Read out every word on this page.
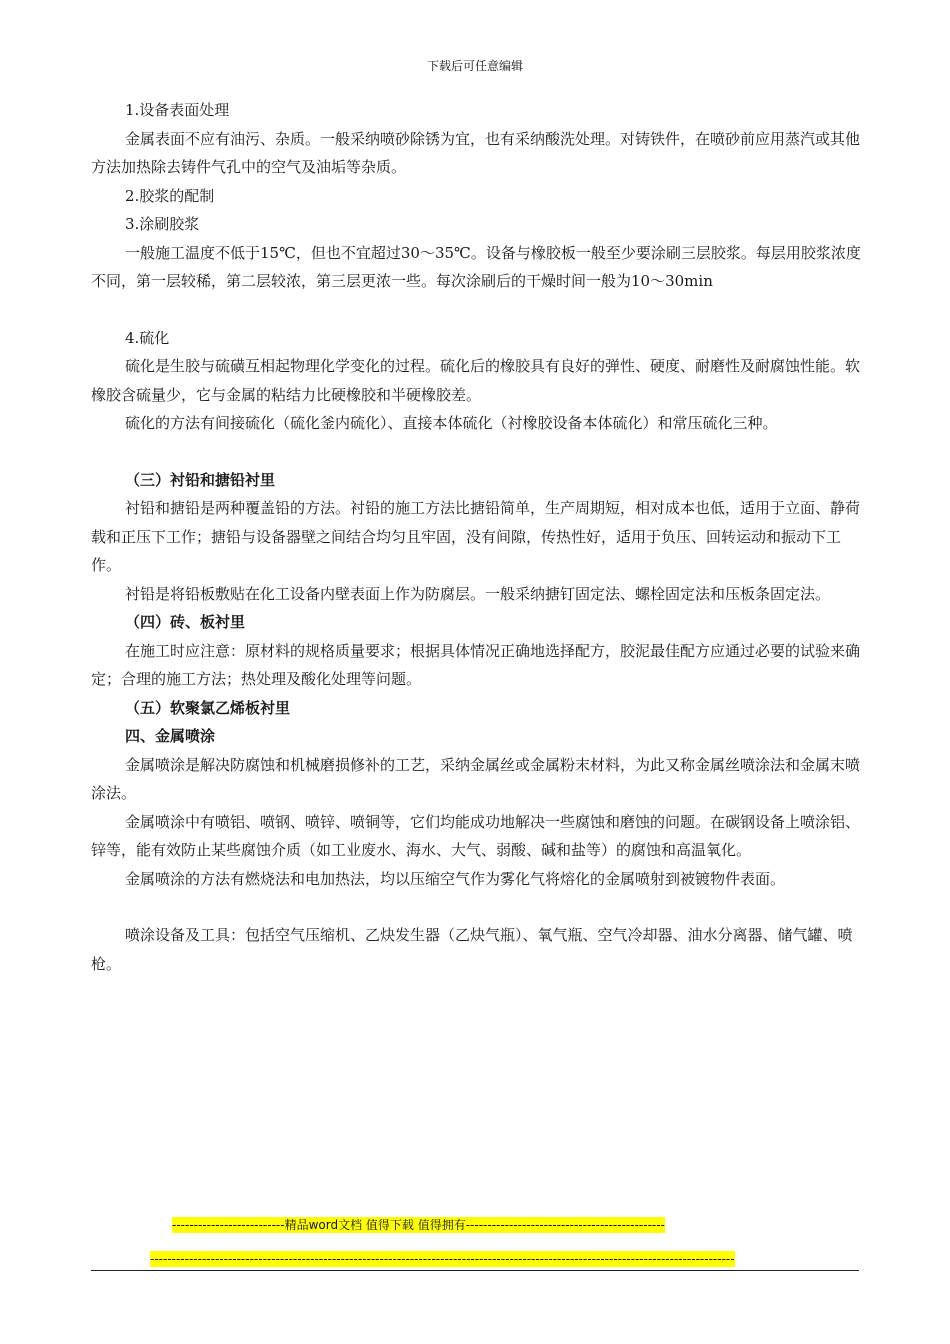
下载后可任意编辑

1.设备表面处理

金属表面不应有油污、杂质。一般采纳喷砂除锈为宜，也有采纳酸洗处理。对铸铁件，在喷砂前应用蒸汽或其他方法加热除去铸件气孔中的空气及油垢等杂质。

2.胶浆的配制

3.涂刷胶浆

一般施工温度不低于15℃，但也不宜超过30～35℃。设备与橡胶板一般至少要涂刷三层胶浆。每层用胶浆浓度不同，第一层较稀，第二层较浓，第三层更浓一些。每次涂刷后的干燥时间一般为10～30min

4.硫化

硫化是生胶与硫磺互相起物理化学变化的过程。硫化后的橡胶具有良好的弹性、硬度、耐磨性及耐腐蚀性能。软橡胶含硫量少，它与金属的粘结力比硬橡胶和半硬橡胶差。

硫化的方法有间接硫化（硫化釜内硫化）、直接本体硫化（衬橡胶设备本体硫化）和常压硫化三种。

（三）衬铅和搪铅衬里

衬铅和搪铅是两种覆盖铅的方法。衬铅的施工方法比搪铅简单，生产周期短，相对成本也低，适用于立面、静荷载和正压下工作；搪铅与设备器壁之间结合均匀且牢固，没有间隙，传热性好，适用于负压、回转运动和振动下工作。

衬铅是将铅板敷贴在化工设备内壁表面上作为防腐层。一般采纳搪钉固定法、螺栓固定法和压板条固定法。

（四）砖、板衬里

在施工时应注意：原材料的规格质量要求；根据具体情况正确地选择配方，胶泥最佳配方应通过必要的试验来确定；合理的施工方法；热处理及酸化处理等问题。

（五）软聚氯乙烯板衬里

四、金属喷涂

金属喷涂是解决防腐蚀和机械磨损修补的工艺，采纳金属丝或金属粉末材料，为此又称金属丝喷涂法和金属末喷涂法。

金属喷涂中有喷铝、喷钢、喷锌、喷铜等，它们均能成功地解决一些腐蚀和磨蚀的问题。在碳钢设备上喷涂铝、锌等，能有效防止某些腐蚀介质（如工业废水、海水、大气、弱酸、碱和盐等）的腐蚀和高温氧化。

金属喷涂的方法有燃烧法和电加热法，均以压缩空气作为雾化气将熔化的金属喷射到被镀物件表面。

喷涂设备及工具：包括空气压缩机、乙炔发生器（乙炔气瓶）、氧气瓶、空气冷却器、油水分离器、储气罐、喷枪。

--------------------------精品word文档 值得下载 值得拥有----------------------------------------------
---------------------------------------------------------------------------------------------------------------------------------------
